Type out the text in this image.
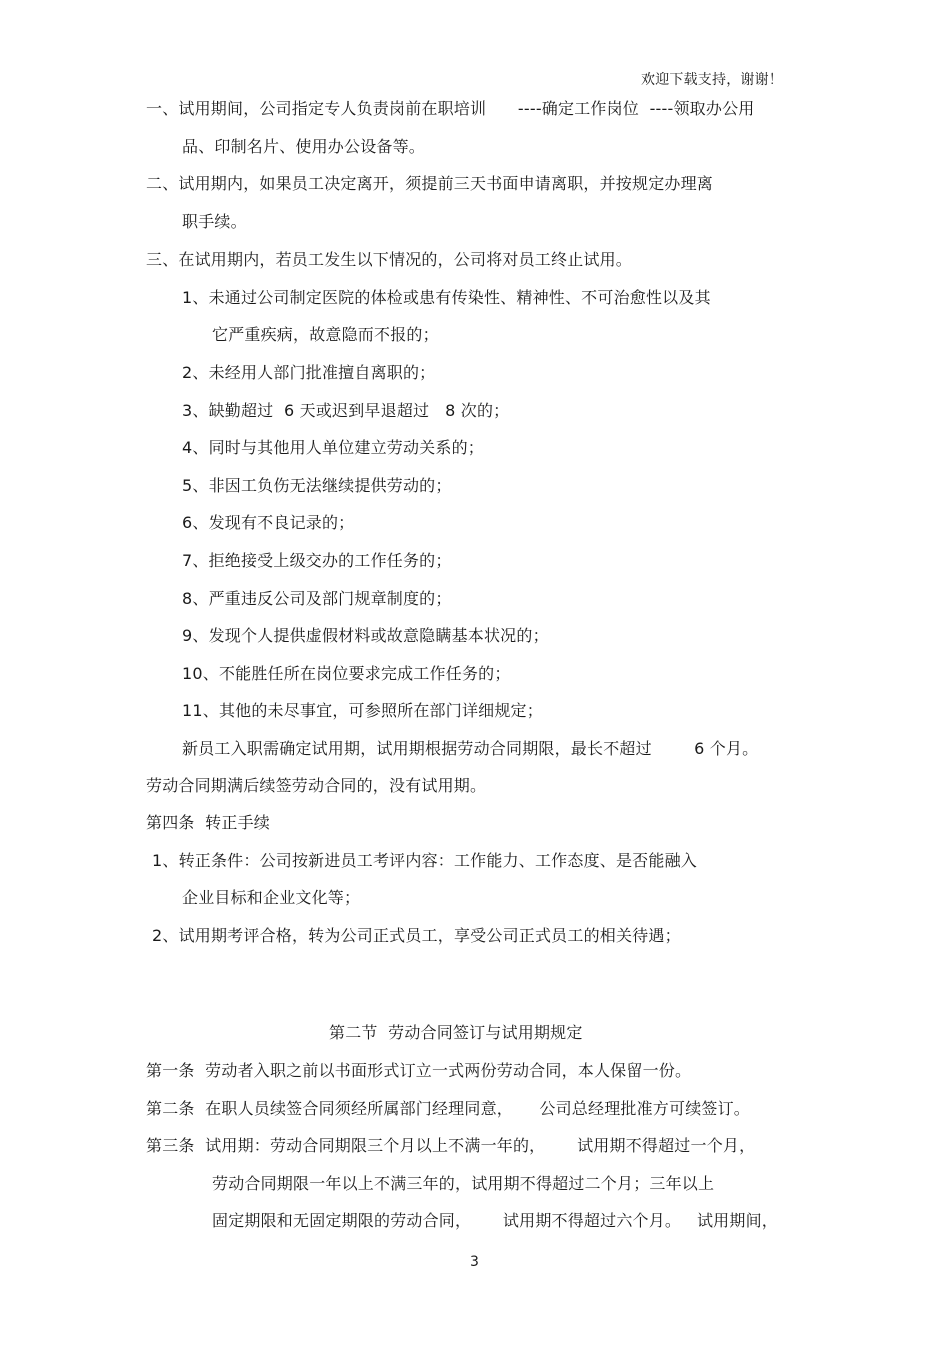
欢迎下载支持，谢谢！
一、试用期间，公司指定专人负责岗前在职培训      ----确定工作岗位  ----领取办公用
品、印制名片、使用办公设备等。
二、试用期内，如果员工决定离开，须提前三天书面申请离职，并按规定办理离
职手续。
三、在试用期内，若员工发生以下情况的，公司将对员工终止试用。
1、未通过公司制定医院的体检或患有传染性、精神性、不可治愈性以及其
它严重疾病，故意隐而不报的；
2、未经用人部门批准擅自离职的；
3、缺勤超过  6 天或迟到早退超过   8 次的；
4、同时与其他用人单位建立劳动关系的；
5、非因工负伤无法继续提供劳动的；
6、发现有不良记录的；
7、拒绝接受上级交办的工作任务的；
8、严重违反公司及部门规章制度的；
9、发现个人提供虚假材料或故意隐瞒基本状况的；
10、不能胜任所在岗位要求完成工作任务的；
11、其他的未尽事宜，可参照所在部门详细规定；
新员工入职需确定试用期，试用期根据劳动合同期限，最长不超过        6 个月。
劳动合同期满后续签劳动合同的，没有试用期。
第四条  转正手续
1、转正条件：公司按新进员工考评内容：工作能力、工作态度、是否能融入
企业目标和企业文化等；
2、试用期考评合格，转为公司正式员工，享受公司正式员工的相关待遇；
第二节  劳动合同签订与试用期规定
第一条  劳动者入职之前以书面形式订立一式两份劳动合同，本人保留一份。
第二条  在职人员续签合同须经所属部门经理同意，     公司总经理批准方可续签订。
第三条  试用期：劳动合同期限三个月以上不满一年的，      试用期不得超过一个月，
劳动合同期限一年以上不满三年的，试用期不得超过二个月；三年以上
固定期限和无固定期限的劳动合同，      试用期不得超过六个月。   试用期间，
3
